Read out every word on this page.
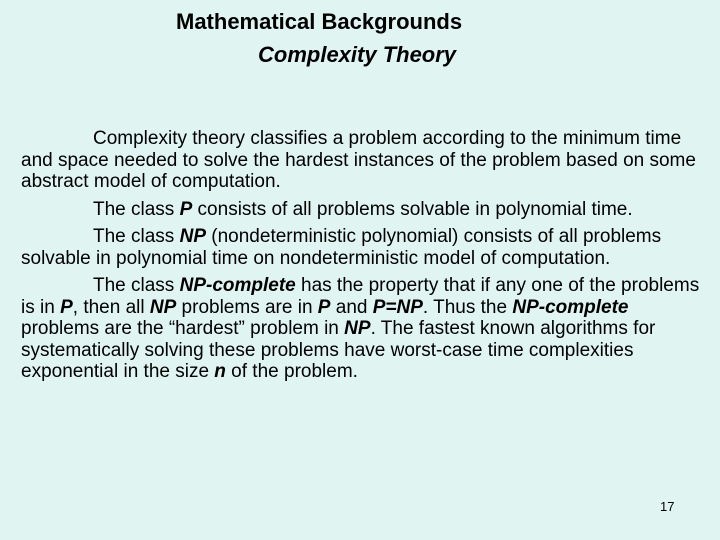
Mathematical Backgrounds
Complexity Theory

Complexity theory classifies a problem according to the minimum time and space needed to solve the hardest instances of the problem based on some abstract model of computation.

The class P consists of all problems solvable in polynomial time.

The class NP (nondeterministic polynomial) consists of all problems solvable in polynomial time on nondeterministic model of computation.

The class NP-complete has the property that if any one of the problems is in P, then all NP problems are in P and P=NP. Thus the NP-complete problems are the “hardest” problem in NP. The fastest known algorithms for systematically solving these problems have worst-case time complexities exponential in the size n of the problem.

17
